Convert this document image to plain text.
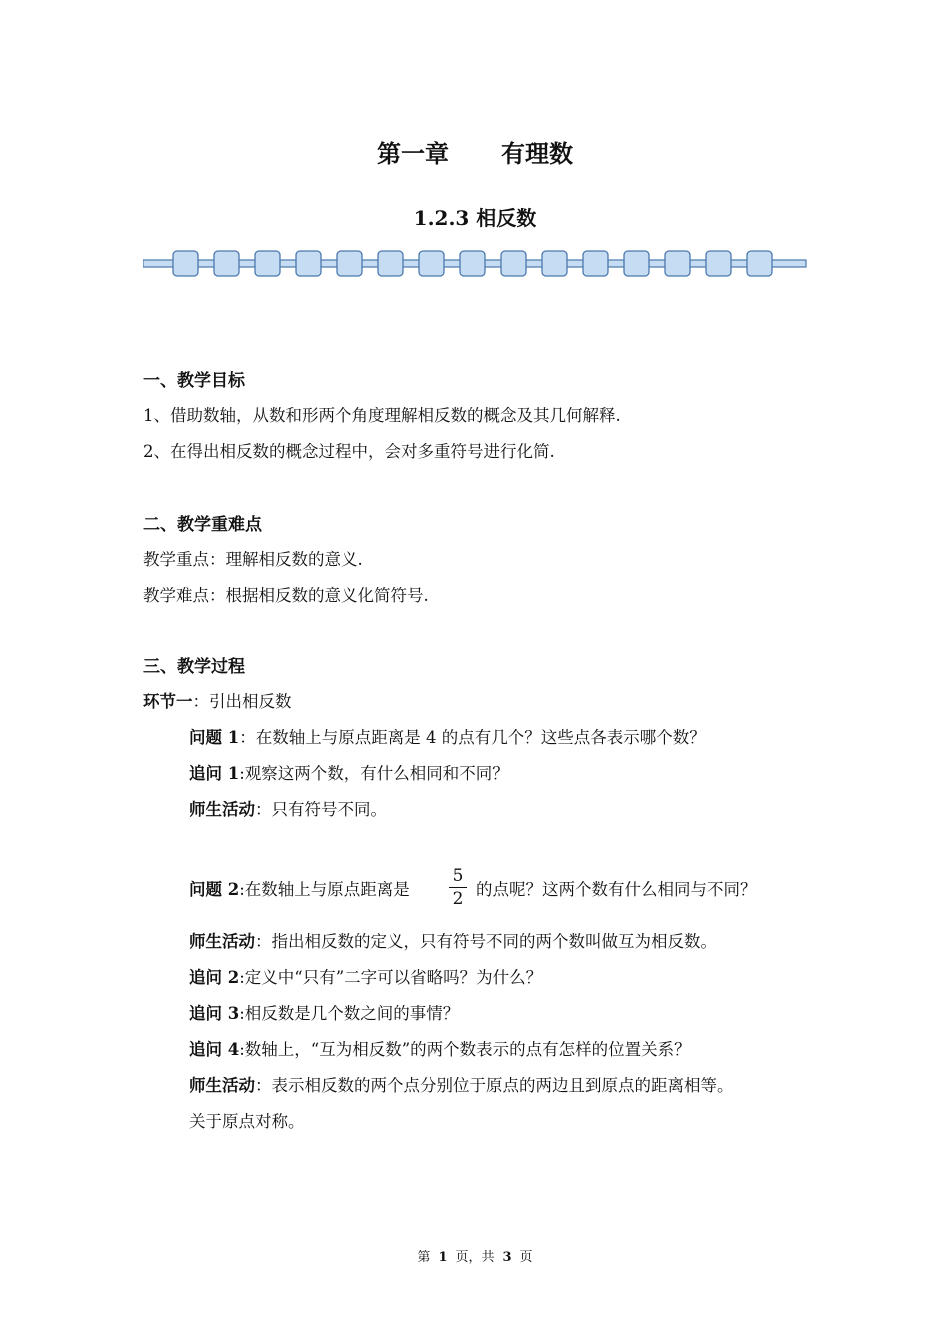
第一章 有理数
1.2.3 相反数
一、教学目标
1、借助数轴，从数和形两个角度理解相反数的概念及其几何解释.
2、在得出相反数的概念过程中，会对多重符号进行化简.
二、教学重难点
教学重点：理解相反数的意义.
教学难点：根据相反数的意义化简符号.
三、教学过程
环节一：引出相反数
问题 1：在数轴上与原点距离是 4 的点有几个？这些点各表示哪个数？
追问 1:观察这两个数，有什么相同和不同？
师生活动：只有符号不同。
问题 2:在数轴上与原点距离是
5
2 的点呢？这两个数有什么相同与不同？
师生活动：指出相反数的定义，只有符号不同的两个数叫做互为相反数。
追问 2:定义中“只有”二字可以省略吗？为什么？
追问 3:相反数是几个数之间的事情？
追问 4:数轴上，“互为相反数”的两个数表示的点有怎样的位置关系？
师生活动：表示相反数的两个点分别位于原点的两边且到原点的距离相等。
关于原点对称。
第 1 页，共 3 页
